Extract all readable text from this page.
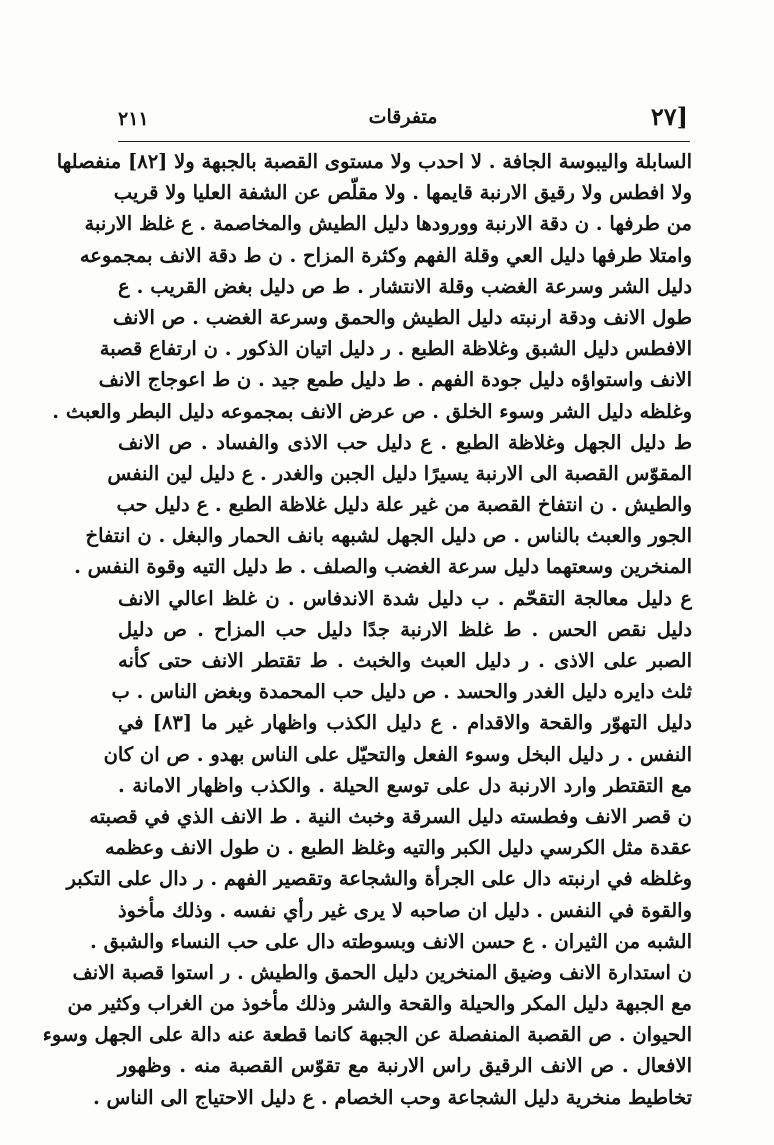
[٢٧
متفرقات
٢١١
السابلة واليبوسة الجافة . لا احدب ولا مستوى القصبة بالجبهة ولا [٨٢] منفصلها
ولا افطس ولا رقيق الارنبة قايمها . ولا مقلّص عن الشفة العليا ولا قريب
من طرفها . ن دقة الارنبة وورودها دليل الطيش والمخاصمة . ع غلظ الارنبة
وامتلا طرفها دليل العي وقلة الفهم وكثرة المزاح . ن ط دقة الانف بمجموعه
دليل الشر وسرعة الغضب وقلة الانتشار . ط ص دليل بغض القريب . ع
طول الانف ودقة ارنبته دليل الطيش والحمق وسرعة الغضب . ص الانف
الافطس دليل الشبق وغلاظة الطبع . ر دليل اتيان الذكور . ن ارتفاع قصبة
الانف واستواؤه دليل جودة الفهم . ط دليل طمع جيد . ن ط اعوجاج الانف
وغلظه دليل الشر وسوء الخلق . ص عرض الانف بمجموعه دليل البطر والعبث .
ط دليل الجهل وغلاظة الطبع . ع دليل حب الاذى والفساد . ص الانف
المقوّس القصبة الى الارنبة يسيرًا دليل الجبن والغدر . ع دليل لين النفس
والطيش . ن انتفاخ القصبة من غير علة دليل غلاظة الطبع . ع دليل حب
الجور والعبث بالناس . ص دليل الجهل لشبهه بانف الحمار والبغل . ن انتفاخ
المنخرين وسعتهما دليل سرعة الغضب والصلف . ط دليل التيه وقوة النفس .
ع دليل معالجة التقحّم . ب دليل شدة الاندفاس . ن غلظ اعالي الانف
دليل نقص الحس . ط غلظ الارنبة جدًا دليل حب المزاح . ص دليل
الصبر على الاذى . ر دليل العبث والخبث . ط تقتطر الانف حتى كأنه
ثلث دايره دليل الغدر والحسد . ص دليل حب المحمدة وبغض الناس . ب
دليل التهوّر والقحة والاقدام . ع دليل الكذب واظهار غير ما [٨٣] في
النفس . ر دليل البخل وسوء الفعل والتحيّل على الناس بهدو . ص ان كان
مع التقتطر وارد الارنبة دل على توسع الحيلة . والكذب واظهار الامانة .
ن قصر الانف وفطسته دليل السرقة وخبث النية . ط الانف الذي في قصبته
عقدة مثل الكرسي دليل الكبر والتيه وغلظ الطبع . ن طول الانف وعظمه
وغلظه في ارنبته دال على الجرأة والشجاعة وتقصير الفهم . ر دال على التكبر
والقوة في النفس . دليل ان صاحبه لا يرى غير رأي نفسه . وذلك مأخوذ
الشبه من الثيران . ع حسن الانف وبسوطته دال على حب النساء والشبق .
ن استدارة الانف وضيق المنخرين دليل الحمق والطيش . ر استوا قصبة الانف
مع الجبهة دليل المكر والحيلة والقحة والشر وذلك مأخوذ من الغراب وكثير من
الحيوان . ص القصبة المنفصلة عن الجبهة كانما قطعة عنه دالة على الجهل وسوء
الافعال . ص الانف الرقيق راس الارنبة مع تقوّس القصبة منه . وظهور
تخاطيط منخرية دليل الشجاعة وحب الخصام . ع دليل الاحتياج الى الناس .
